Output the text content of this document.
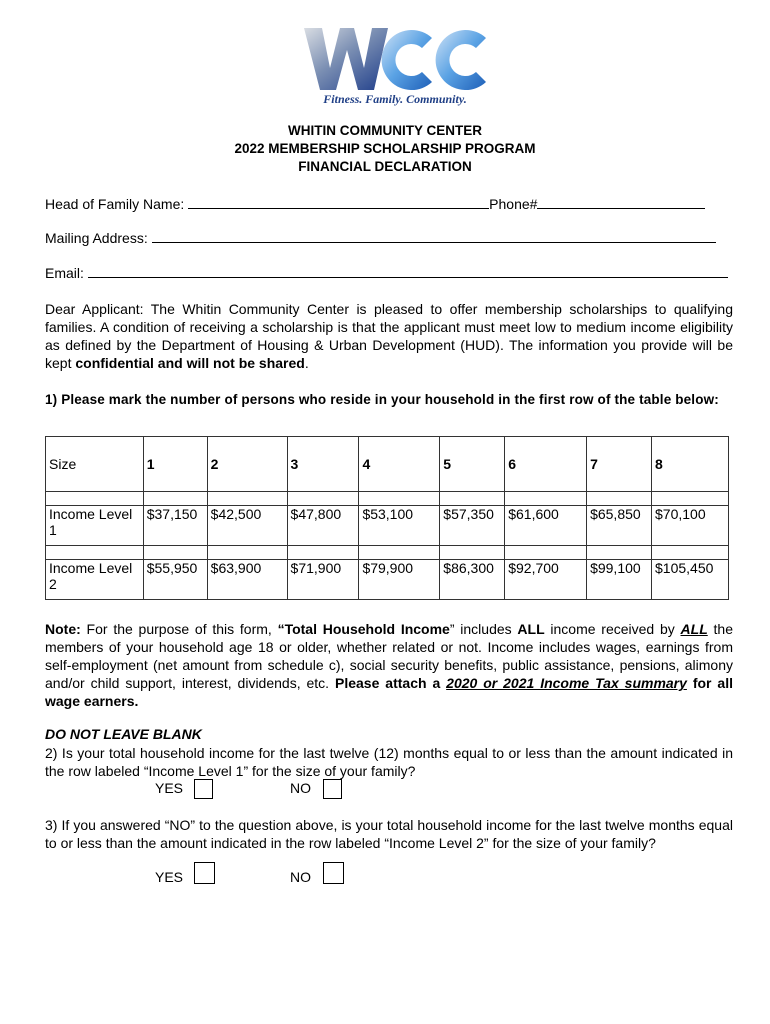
Fitness. Family. Community.
WHITIN COMMUNITY CENTER
2022 MEMBERSHIP SCHOLARSHIP PROGRAM
FINANCIAL DECLARATION
Head of Family Name:	Phone#
Mailing Address:
Email:
Dear Applicant: The Whitin Community Center is pleased to offer membership scholarships to qualifying families. A condition of receiving a scholarship is that the applicant must meet low to medium income eligibility as defined by the Department of Housing & Urban Development (HUD). The information you provide will be kept confidential and will not be shared.
1) Please mark the number of persons who reside in your household in the first row of the table below:
Size	1	2	3	4	5	6	7	8

Income Level 1	$37,150	$42,500	$47,800	$53,100	$57,350	$61,600	$65,850	$70,100

Income Level 2	$55,950	$63,900	$71,900	$79,900	$86,300	$92,700	$99,100	$105,450
Note: For the purpose of this form, “Total Household Income” includes ALL income received by ALL the members of your household age 18 or older, whether related or not. Income includes wages, earnings from self-employment (net amount from schedule c), social security benefits, public assistance, pensions, alimony and/or child support, interest, dividends, etc. Please attach a 2020 or 2021 Income Tax summary for all wage earners.
DO NOT LEAVE BLANK
2) Is your total household income for the last twelve (12) months equal to or less than the amount indicated in the row labeled “Income Level 1” for the size of your family?
YES	NO
3) If you answered “NO” to the question above, is your total household income for the last twelve months equal to or less than the amount indicated in the row labeled “Income Level 2” for the size of your family?
YES	NO
